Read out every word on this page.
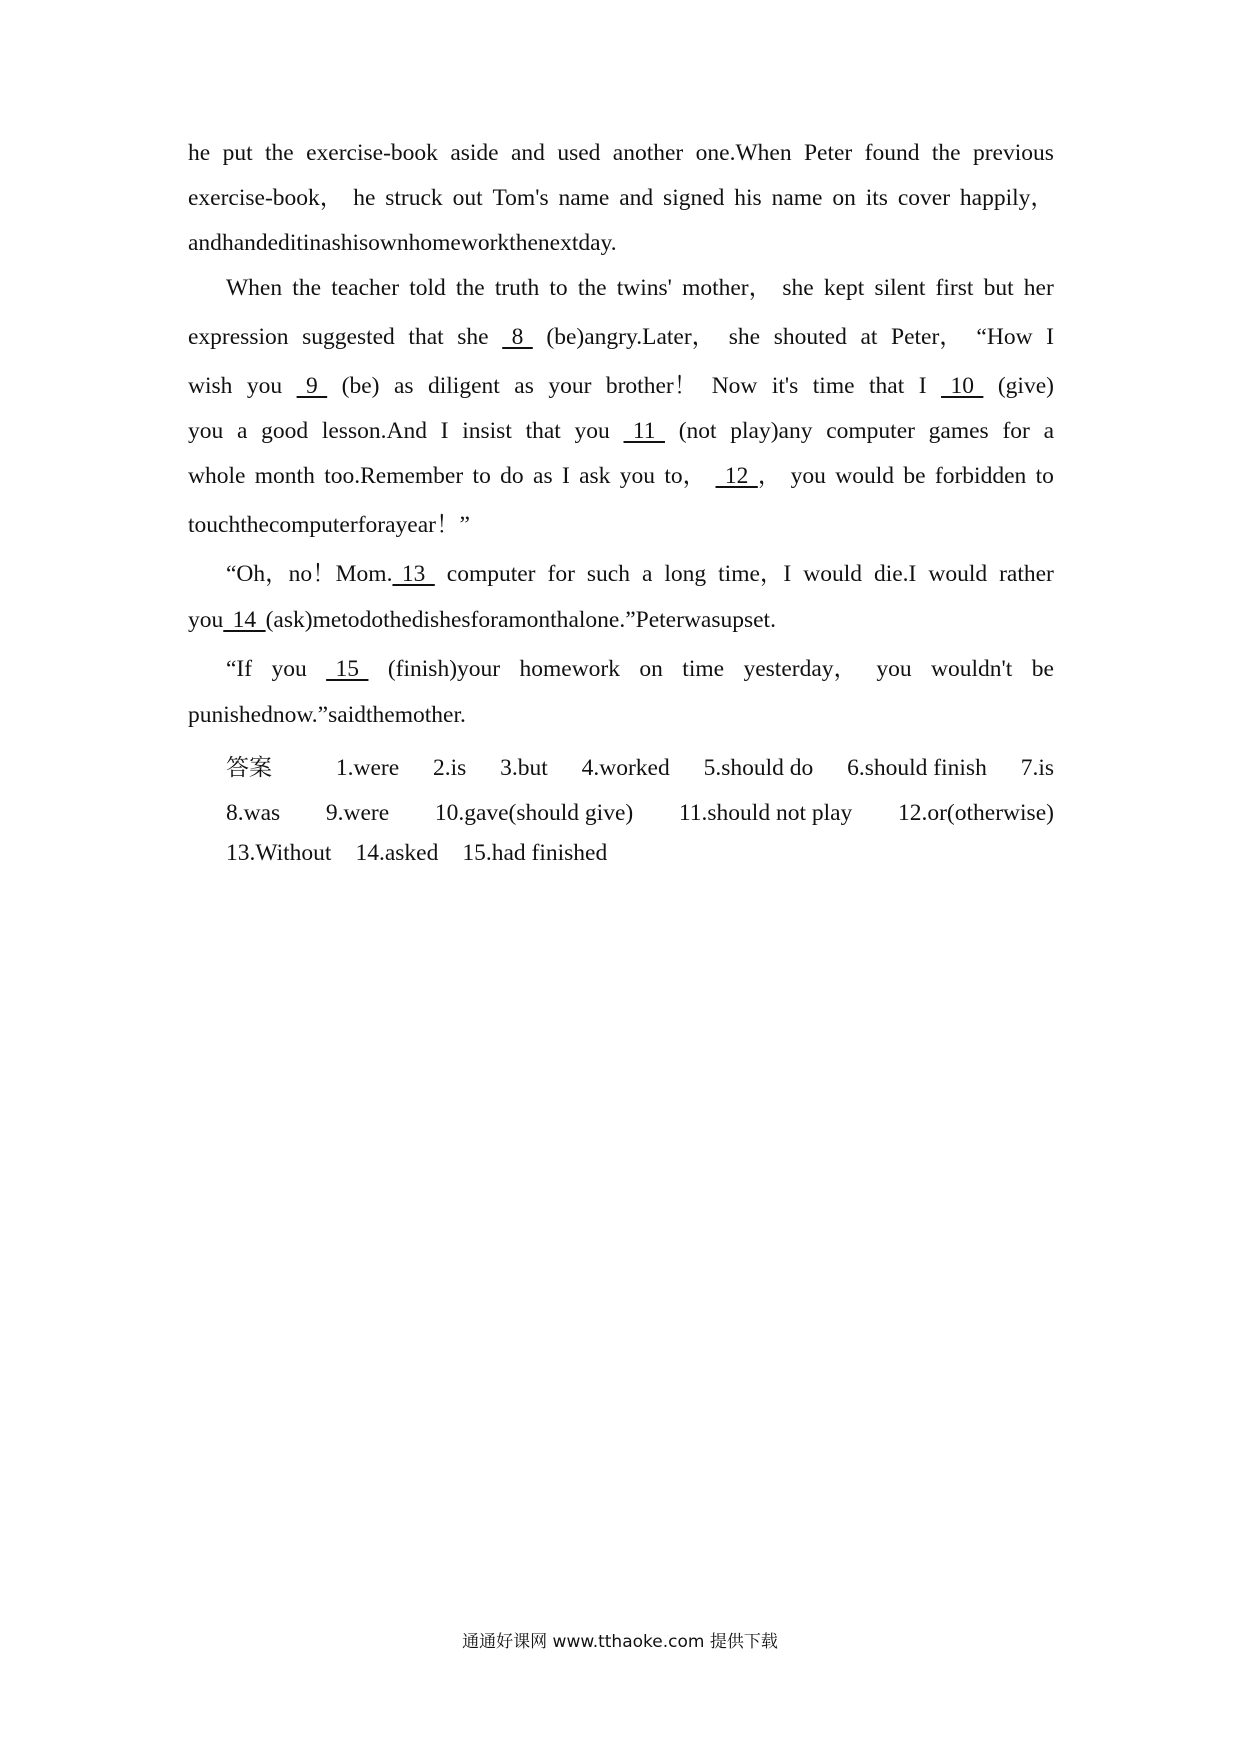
he put the exercise-book aside and used another one.When Peter found the previous
exercise-book， he struck out Tom's name and signed his name on its cover happily，
and handed it in as his own homework the next day.
When the teacher told the truth to the twins' mother， she kept silent first but her
expression suggested that she   8   (be)angry.Later， she shouted at Peter， “How I
wish you   9   (be) as diligent as your brother！ Now it's time that I   10   (give)
you a good lesson.And I insist that you   11   (not play)any computer games for a
whole month too.Remember to do as I ask you to，   12  ， you would be forbidden to
touch the computer for a year！ ”
“Oh，no！Mom.  13   computer for such a long time，I would die.I would rather
you   14  (ask) me to do the dishes for a month alone.” Peter was upset.
“If you   15   (finish)your homework on time yesterday， you wouldn't be
punished now.” said the mother.
答案	1.were 2.is 3.but 4.worked 5.should do 6.should finish 7.is
8.was 9.were 10.gave(should give) 11.should not play 12.or(otherwise)
13.Without 14.asked 15.had finished
通通好课网 www.tthaoke.com 提供下载
